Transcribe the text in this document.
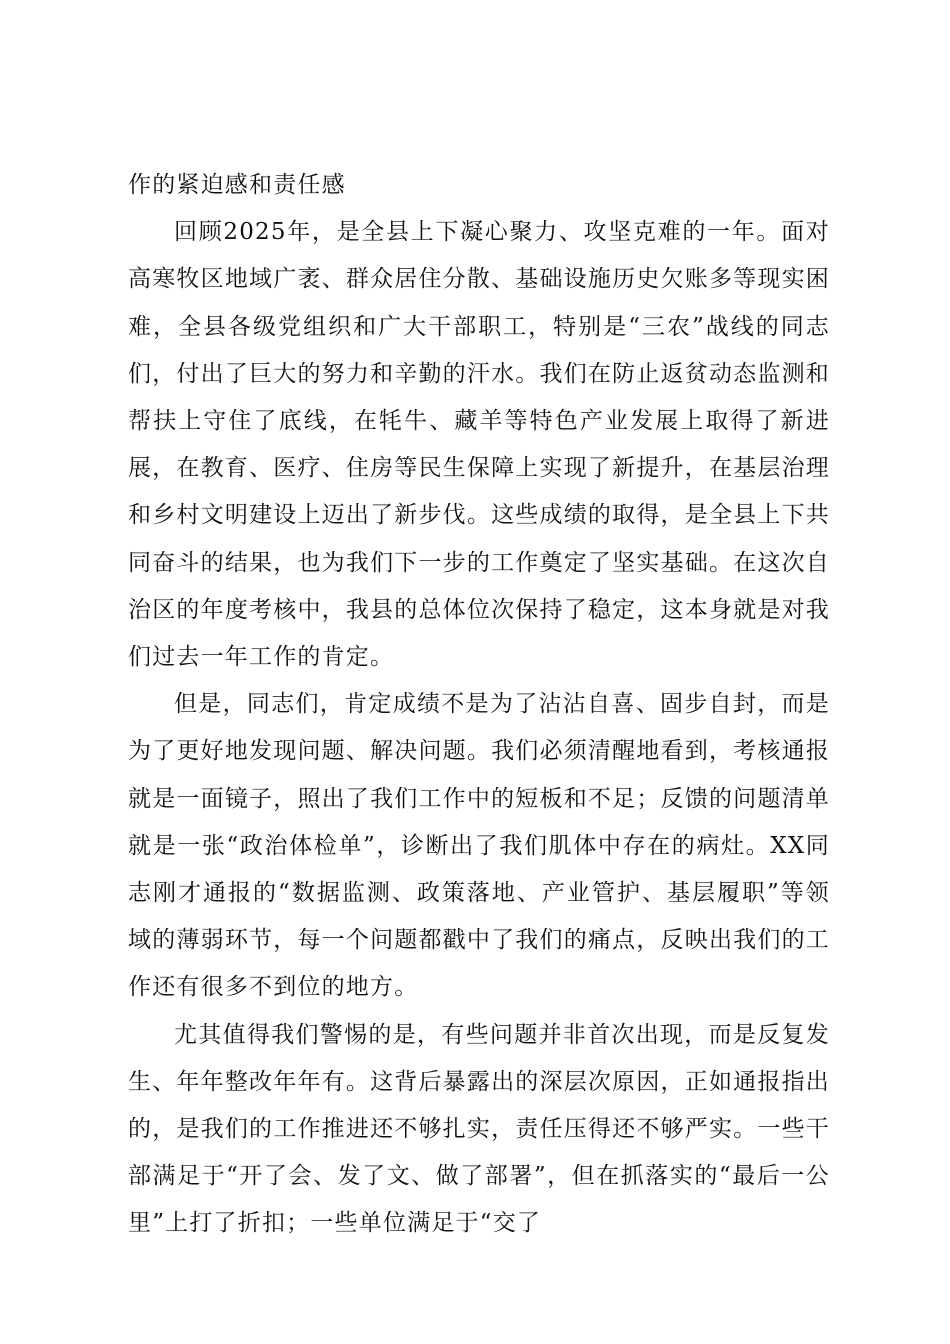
作的紧迫感和责任感

回顾2025年，是全县上下凝心聚力、攻坚克难的一年。面对高寒牧区地域广袤、群众居住分散、基础设施历史欠账多等现实困难，全县各级党组织和广大干部职工，特别是“三农”战线的同志们，付出了巨大的努力和辛勤的汗水。我们在防止返贫动态监测和帮扶上守住了底线，在牦牛、藏羊等特色产业发展上取得了新进展，在教育、医疗、住房等民生保障上实现了新提升，在基层治理和乡村文明建设上迈出了新步伐。这些成绩的取得，是全县上下共同奋斗的结果，也为我们下一步的工作奠定了坚实基础。在这次自治区的年度考核中，我县的总体位次保持了稳定，这本身就是对我们过去一年工作的肯定。

但是，同志们，肯定成绩不是为了沾沾自喜、固步自封，而是为了更好地发现问题、解决问题。我们必须清醒地看到，考核通报就是一面镜子，照出了我们工作中的短板和不足；反馈的问题清单就是一张“政治体检单”，诊断出了我们肌体中存在的病灶。XX同志刚才通报的“数据监测、政策落地、产业管护、基层履职”等领域的薄弱环节，每一个问题都戳中了我们的痛点，反映出我们的工作还有很多不到位的地方。

尤其值得我们警惕的是，有些问题并非首次出现，而是反复发生、年年整改年年有。这背后暴露出的深层次原因，正如通报指出的，是我们的工作推进还不够扎实，责任压得还不够严实。一些干部满足于“开了会、发了文、做了部署”，但在抓落实的“最后一公里”上打了折扣；一些单位满足于“交了
